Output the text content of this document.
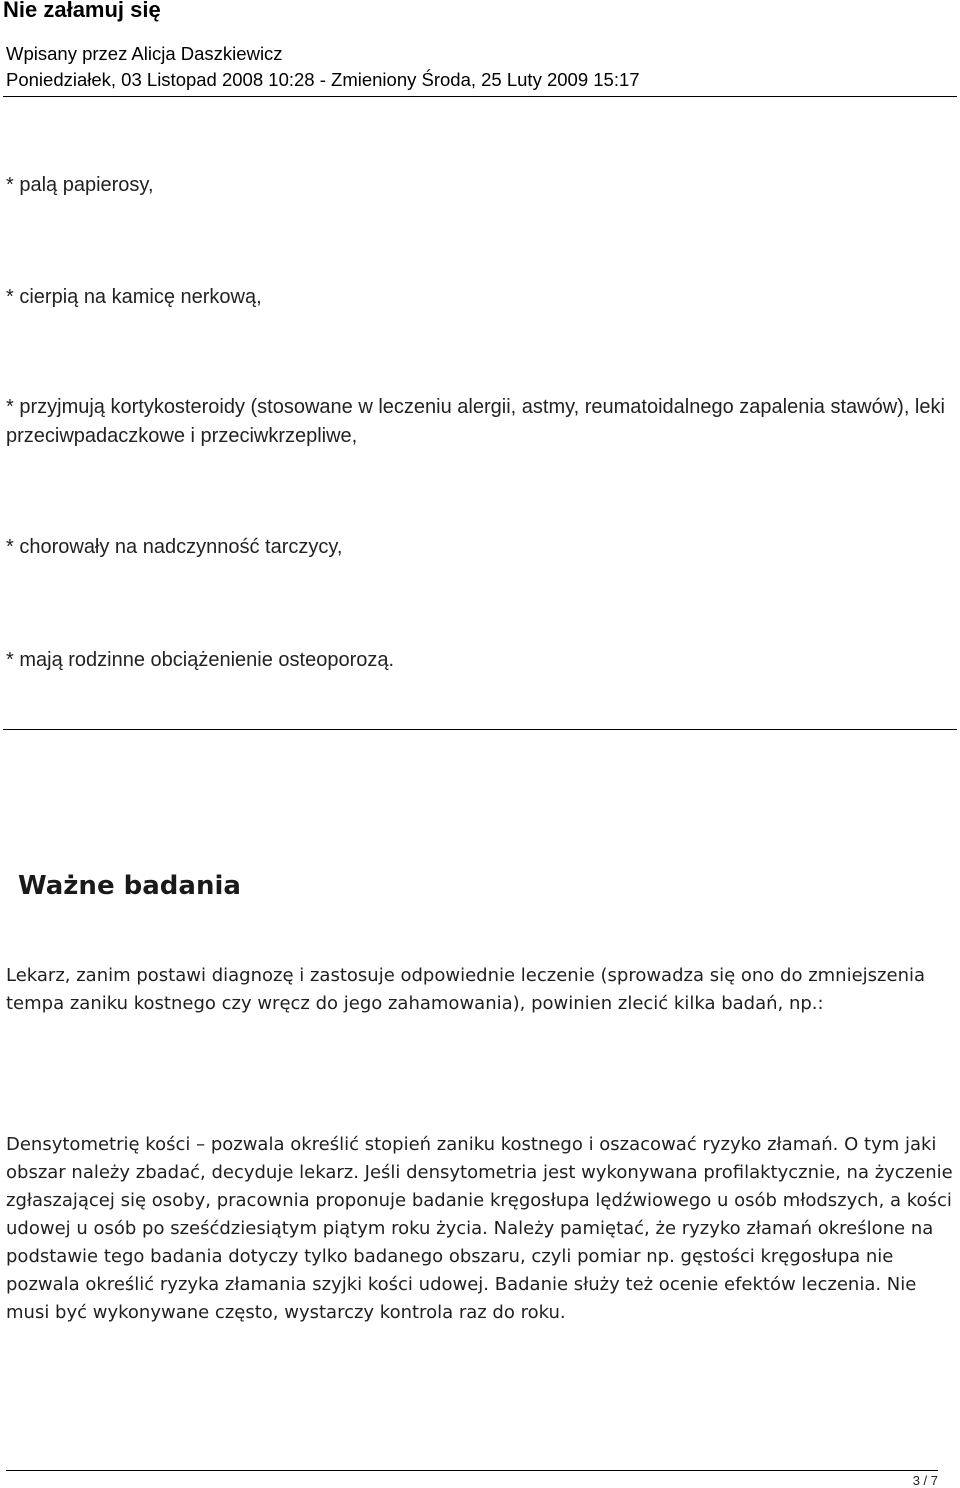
Nie załamuj się
Wpisany przez Alicja Daszkiewicz
Poniedziałek, 03 Listopad 2008 10:28 - Zmieniony Środa, 25 Luty 2009 15:17

* palą papierosy,

* cierpią na kamicę nerkową,

* przyjmują kortykosteroidy (stosowane w leczeniu alergii, astmy, reumatoidalnego zapalenia stawów), leki przeciwpadaczkowe i przeciwkrzepliwe,

* chorowały na nadczynność tarczycy,

* mają rodzinne obciążenienie osteoporozą.

Ważne badania

Lekarz, zanim postawi diagnozę i zastosuje odpowiednie leczenie (sprowadza się ono do zmniejszenia tempa zaniku kostnego czy wręcz do jego zahamowania), powinien zlecić kilka badań, np.:

Densytometrię kości – pozwala określić stopień zaniku kostnego i oszacować ryzyko złamań. O tym jaki obszar należy zbadać, decyduje lekarz. Jeśli densytometria jest wykonywana profilaktycznie, na życzenie zgłaszającej się osoby, pracownia proponuje badanie kręgosłupa lędźwiowego u osób młodszych, a kości udowej u osób po sześćdziesiątym piątym roku życia. Należy pamiętać, że ryzyko złamań określone na podstawie tego badania dotyczy tylko badanego obszaru, czyli pomiar np. gęstości kręgosłupa nie pozwala określić ryzyka złamania szyjki kości udowej. Badanie służy też ocenie efektów leczenia. Nie musi być wykonywane często, wystarczy kontrola raz do roku.

3 / 7
